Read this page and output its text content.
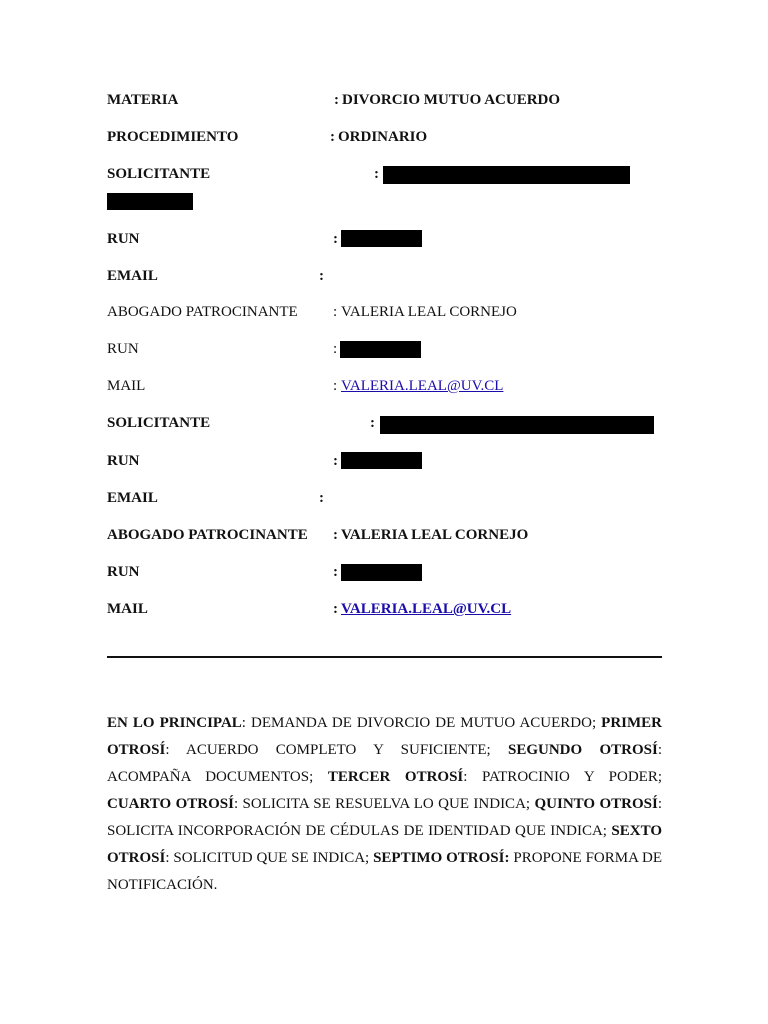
MATERIA	: DIVORCIO MUTUO ACUERDO
PROCEDIMIENTO	: ORDINARIO
SOLICITANTE	:
RUN	:
EMAIL	:
ABOGADO PATROCINANTE : VALERIA LEAL CORNEJO
RUN	:
MAIL	: VALERIA.LEAL@UV.CL
SOLICITANTE	:
RUN	:
EMAIL	:
ABOGADO PATROCINANTE : VALERIA LEAL CORNEJO
RUN	:
MAIL	: VALERIA.LEAL@UV.CL

EN LO PRINCIPAL: DEMANDA DE DIVORCIO DE MUTUO ACUERDO; PRIMER OTROSÍ: ACUERDO COMPLETO Y SUFICIENTE; SEGUNDO OTROSÍ: ACOMPAÑA DOCUMENTOS; TERCER OTROSÍ: PATROCINIO Y PODER; CUARTO OTROSÍ: SOLICITA SE RESUELVA LO QUE INDICA; QUINTO OTROSÍ: SOLICITA INCORPORACIÓN DE CÉDULAS DE IDENTIDAD QUE INDICA; SEXTO OTROSÍ: SOLICITUD QUE SE INDICA; SEPTIMO OTROSÍ: PROPONE FORMA DE NOTIFICACIÓN.
